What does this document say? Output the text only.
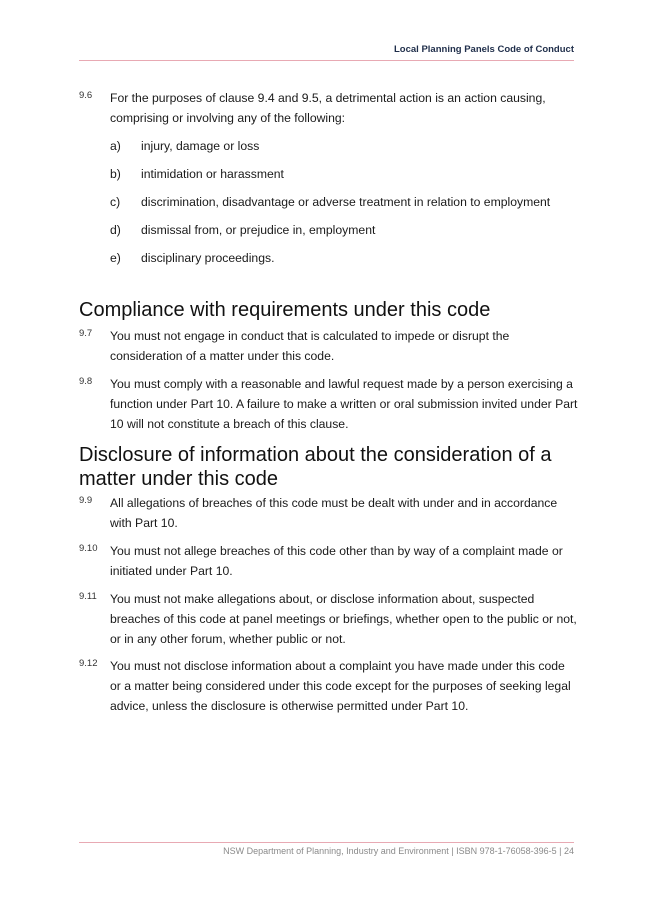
Local Planning Panels Code of Conduct
9.6 For the purposes of clause 9.4 and 9.5, a detrimental action is an action causing, comprising or involving any of the following:
a) injury, damage or loss
b) intimidation or harassment
c) discrimination, disadvantage or adverse treatment in relation to employment
d) dismissal from, or prejudice in, employment
e) disciplinary proceedings.
Compliance with requirements under this code
9.7 You must not engage in conduct that is calculated to impede or disrupt the consideration of a matter under this code.
9.8 You must comply with a reasonable and lawful request made by a person exercising a function under Part 10. A failure to make a written or oral submission invited under Part 10 will not constitute a breach of this clause.
Disclosure of information about the consideration of a matter under this code
9.9 All allegations of breaches of this code must be dealt with under and in accordance with Part 10.
9.10 You must not allege breaches of this code other than by way of a complaint made or initiated under Part 10.
9.11 You must not make allegations about, or disclose information about, suspected breaches of this code at panel meetings or briefings, whether open to the public or not, or in any other forum, whether public or not.
9.12 You must not disclose information about a complaint you have made under this code or a matter being considered under this code except for the purposes of seeking legal advice, unless the disclosure is otherwise permitted under Part 10.
NSW Department of Planning, Industry and Environment | ISBN 978-1-76058-396-5 | 24
